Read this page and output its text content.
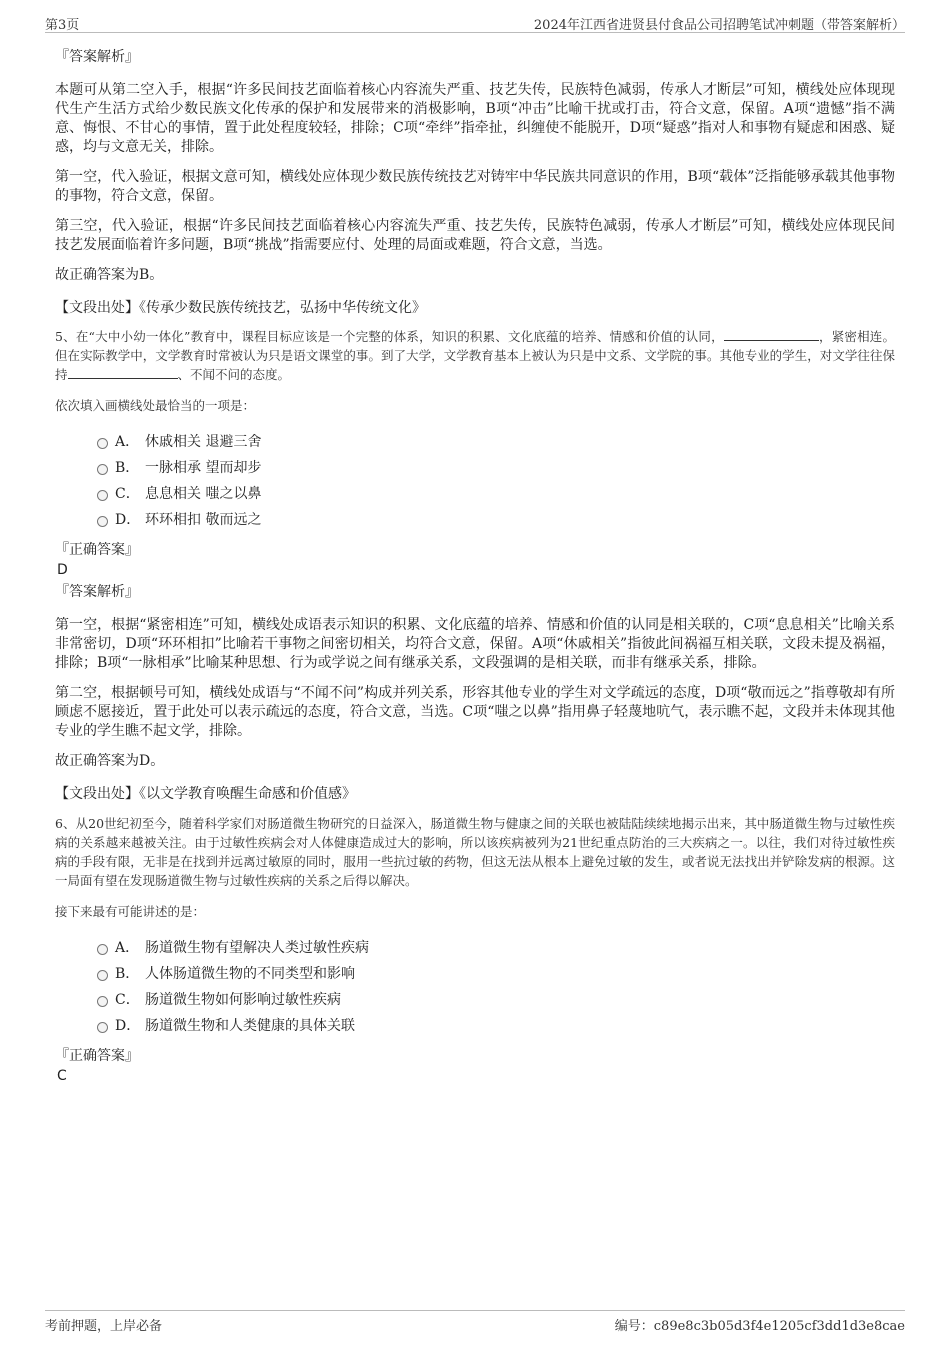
第3页	2024年江西省进贤县付食品公司招聘笔试冲刺题（带答案解析）

『答案解析』

本题可从第二空入手，根据“许多民间技艺面临着核心内容流失严重、技艺失传，民族特色减弱，传承人才断层”可知，横线处应体现现代生产生活方式给少数民族文化传承的保护和发展带来的消极影响，B项“冲击”比喻干扰或打击，符合文意，保留。A项“遗憾”指不满意、悔恨、不甘心的事情，置于此处程度较轻，排除；C项“牵绊”指牵扯，纠缠使不能脱开，D项“疑惑”指对人和事物有疑虑和困惑、疑惑，均与文意无关，排除。

第一空，代入验证，根据文意可知，横线处应体现少数民族传统技艺对铸牢中华民族共同意识的作用，B项“载体”泛指能够承载其他事物的事物，符合文意，保留。

第三空，代入验证，根据“许多民间技艺面临着核心内容流失严重、技艺失传，民族特色减弱，传承人才断层”可知，横线处应体现民间技艺发展面临着许多问题，B项“挑战”指需要应付、处理的局面或难题，符合文意，当选。

故正确答案为B。

【文段出处】《传承少数民族传统技艺，弘扬中华传统文化》

5、在“大中小幼一体化”教育中，课程目标应该是一个完整的体系，知识的积累、文化底蕴的培养、情感和价值的认同，	，紧密相连。但在实际教学中，文学教育时常被认为只是语文课堂的事。到了大学，文学教育基本上被认为只是中文系、文学院的事。其他专业的学生，对文学往往保持	、不闻不问的态度。

依次填入画横线处最恰当的一项是：

A． 休戚相关 退避三舍
B． 一脉相承 望而却步
C． 息息相关 嗤之以鼻
D． 环环相扣 敬而远之

『正确答案』

D

『答案解析』

第一空，根据“紧密相连”可知，横线处成语表示知识的积累、文化底蕴的培养、情感和价值的认同是相关联的，C项“息息相关”比喻关系非常密切，D项“环环相扣”比喻若干事物之间密切相关，均符合文意，保留。A项“休戚相关”指彼此间祸福互相关联，文段未提及祸福，排除；B项“一脉相承”比喻某种思想、行为或学说之间有继承关系，文段强调的是相关联，而非有继承关系，排除。

第二空，根据顿号可知，横线处成语与“不闻不问”构成并列关系，形容其他专业的学生对文学疏远的态度，D项“敬而远之”指尊敬却有所顾虑不愿接近，置于此处可以表示疏远的态度，符合文意，当选。C项“嗤之以鼻”指用鼻子轻蔑地吭气，表示瞧不起，文段并未体现其他专业的学生瞧不起文学，排除。

故正确答案为D。

【文段出处】《以文学教育唤醒生命感和价值感》

6、从20世纪初至今，随着科学家们对肠道微生物研究的日益深入，肠道微生物与健康之间的关联也被陆陆续续地揭示出来，其中肠道微生物与过敏性疾病的关系越来越被关注。由于过敏性疾病会对人体健康造成过大的影响，所以该疾病被列为21世纪重点防治的三大疾病之一。以往，我们对待过敏性疾病的手段有限，无非是在找到并远离过敏原的同时，服用一些抗过敏的药物，但这无法从根本上避免过敏的发生，或者说无法找出并铲除发病的根源。这一局面有望在发现肠道微生物与过敏性疾病的关系之后得以解决。

接下来最有可能讲述的是：

A． 肠道微生物有望解决人类过敏性疾病
B． 人体肠道微生物的不同类型和影响
C． 肠道微生物如何影响过敏性疾病
D． 肠道微生物和人类健康的具体关联

『正确答案』

C

考前押题，上岸必备	编号：c89e8c3b05d3f4e1205cf3dd1d3e8cae
